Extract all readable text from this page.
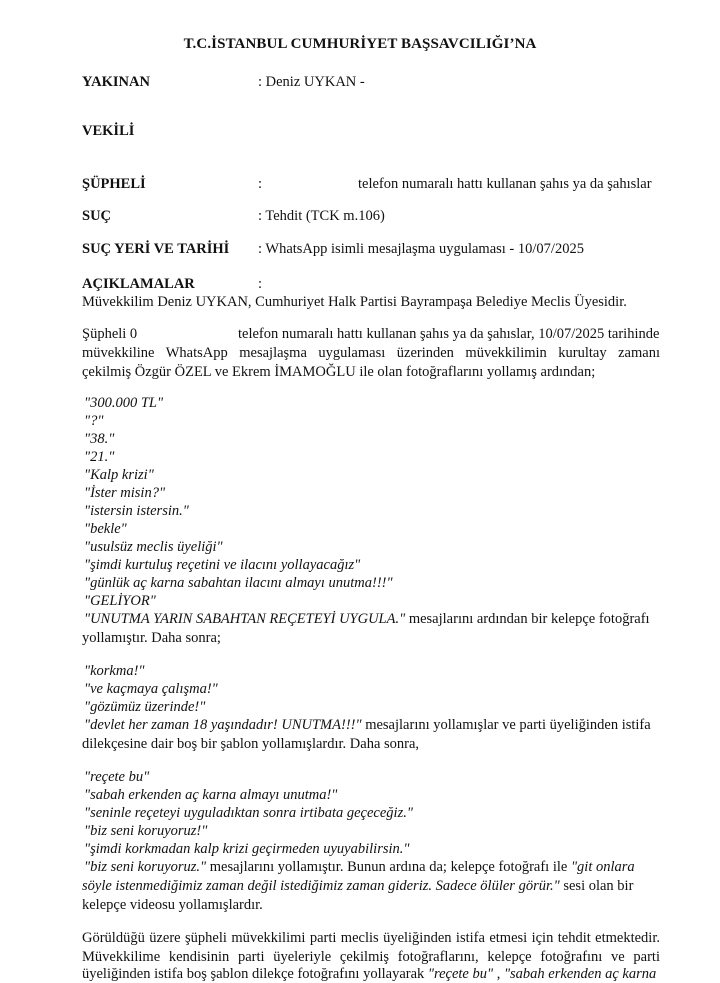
T.C.İSTANBUL CUMHURİYET BAŞSAVCILIĞI’NA
YAKINAN	: Deniz UYKAN -
VEKİLİ
ŞÜPHELİ	:	telefon numaralı hattı kullanan şahıs ya da şahıslar
SUÇ	: Tehdit (TCK m.106)
SUÇ YERİ VE TARİHİ : WhatsApp isimli mesajlaşma uygulaması - 10/07/2025
AÇIKLAMALAR	:
Müvekkilim Deniz UYKAN, Cumhuriyet Halk Partisi Bayrampaşa Belediye Meclis Üyesidir.
Şüpheli 0	telefon numaralı hattı kullanan şahıs ya da şahıslar, 10/07/2025 tarihinde
müvekkiline WhatsApp mesajlaşma uygulaması üzerinden müvekkilimin kurultay zamanı
çekilmiş Özgür ÖZEL ve Ekrem İMAMOĞLU ile olan fotoğraflarını yollamış ardından;
"300.000 TL"
"?"
"38."
"21."
"Kalp krizi"
"İster misin?"
"istersin istersin."
"bekle"
"usulsüz meclis üyeliği"
"şimdi kurtuluş reçetini ve ilacını yollayacağız"
"günlük aç karna sabahtan ilacını almayı unutma!!!"
"GELİYOR"
"UNUTMA YARIN SABAHTAN REÇETEYİ UYGULA." mesajlarını ardından bir kelepçe fotoğrafı
yollamıştır. Daha sonra;
"korkma!"
"ve kaçmaya çalışma!"
"gözümüz üzerinde!"
"devlet her zaman 18 yaşındadır! UNUTMA!!!" mesajlarını yollamışlar ve parti üyeliğinden istifa
dilekçesine dair boş bir şablon yollamışlardır. Daha sonra,
"reçete bu"
"sabah erkenden aç karna almayı unutma!"
"seninle reçeteyi uyguladıktan sonra irtibata geçeceğiz."
"biz seni koruyoruz!"
"şimdi korkmadan kalp krizi geçirmeden uyuyabilirsin."
"biz seni koruyoruz." mesajlarını yollamıştır. Bunun ardına da; kelepçe fotoğrafı ile "git onlara
söyle istenmediğimiz zaman değil istediğimiz zaman gideriz. Sadece ölüler görür." sesi olan bir
kelepçe videosu yollamışlardır.
Görüldüğü üzere şüpheli müvekkilimi parti meclis üyeliğinden istifa etmesi için tehdit etmektedir.
Müvekkilime kendisinin parti üyeleriyle çekilmiş fotoğraflarını, kelepçe fotoğrafını ve parti
üyeliğinden istifa boş şablon dilekçe fotoğrafını yollayarak "reçete bu" , "sabah erkenden aç karna
